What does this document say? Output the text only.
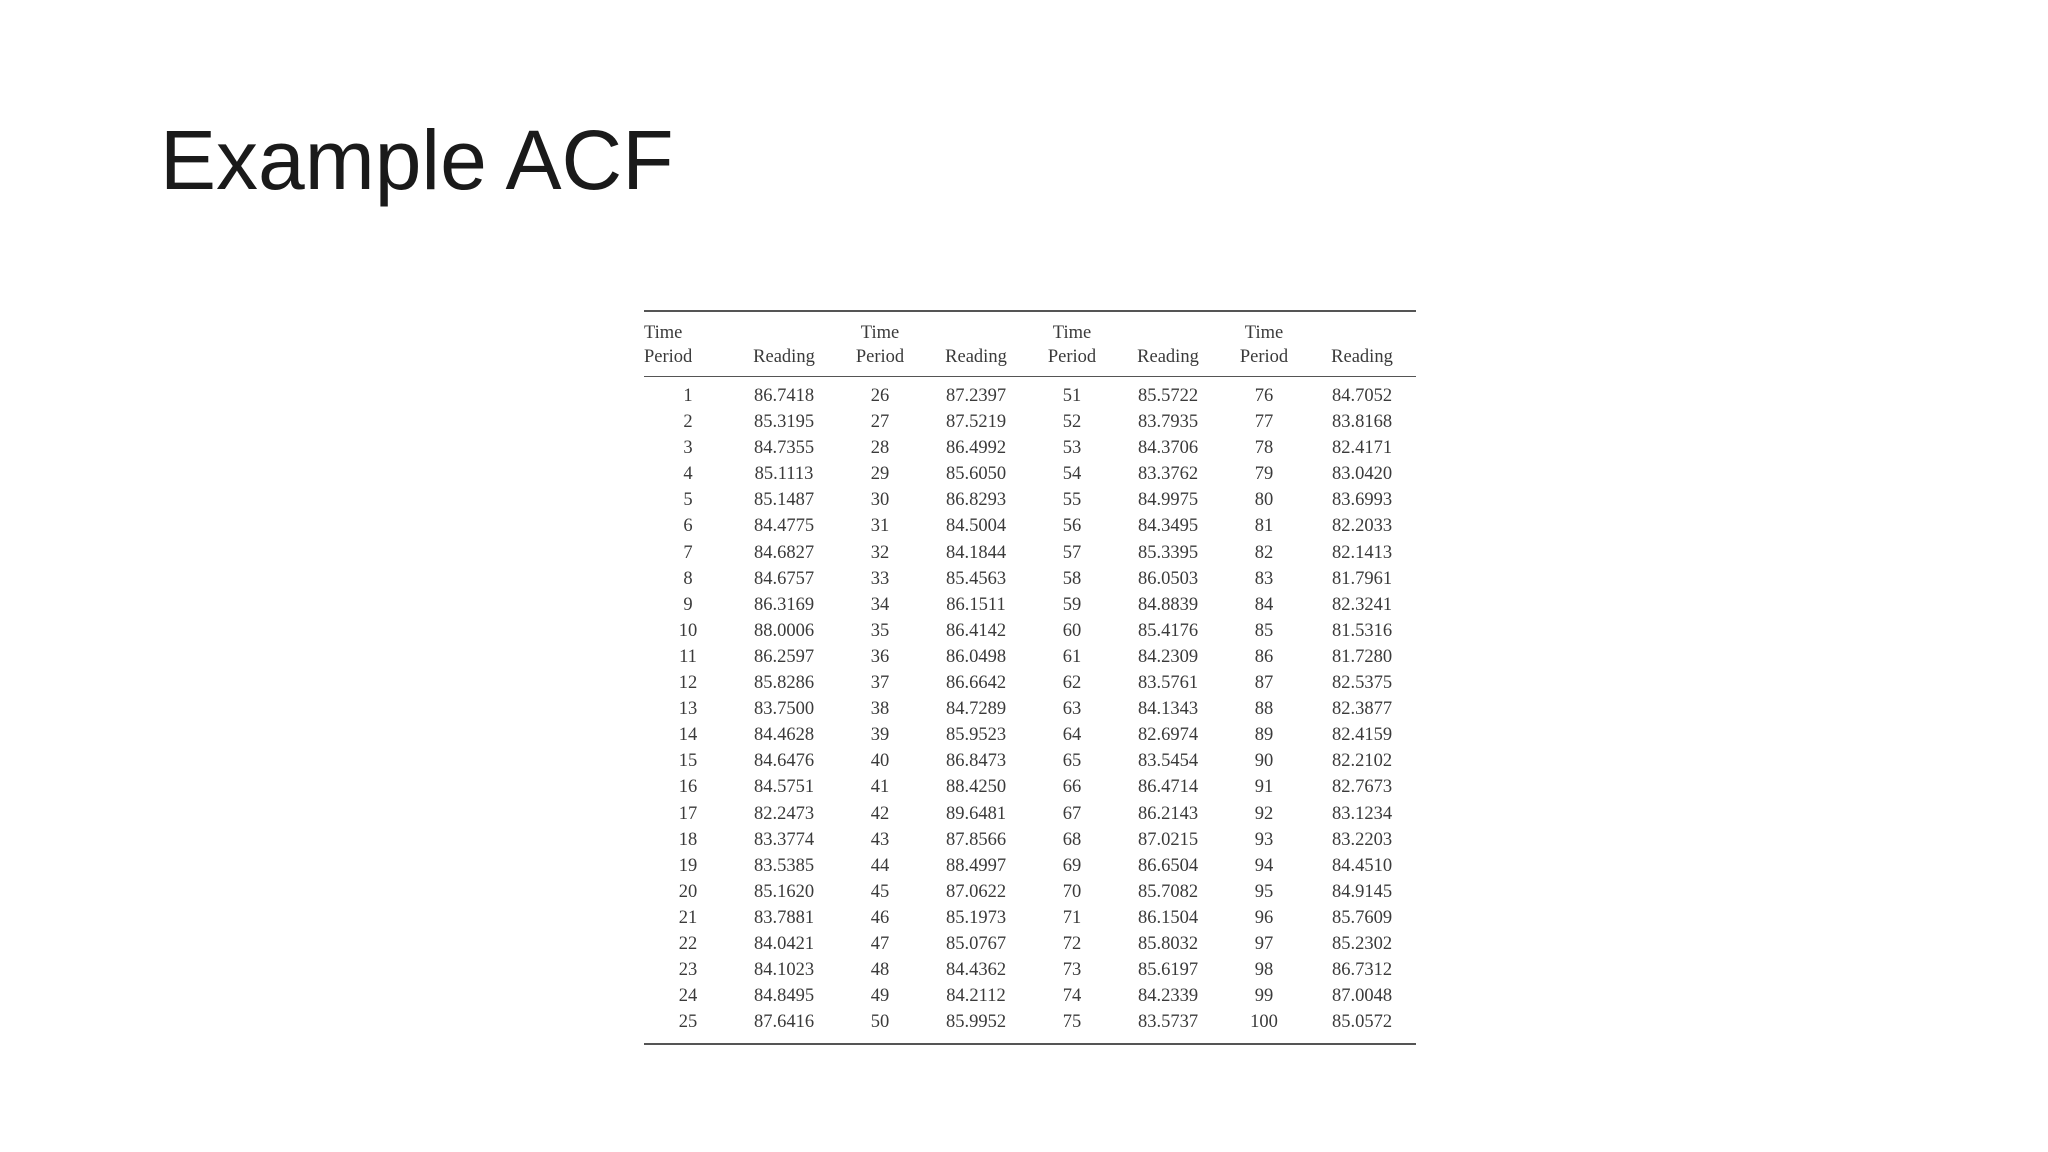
Example ACF
Time		Time		Time		Time	
Period	Reading	Period	Reading	Period	Reading	Period	Reading
1	86.7418	26	87.2397	51	85.5722	76	84.7052
2	85.3195	27	87.5219	52	83.7935	77	83.8168
3	84.7355	28	86.4992	53	84.3706	78	82.4171
4	85.1113	29	85.6050	54	83.3762	79	83.0420
5	85.1487	30	86.8293	55	84.9975	80	83.6993
6	84.4775	31	84.5004	56	84.3495	81	82.2033
7	84.6827	32	84.1844	57	85.3395	82	82.1413
8	84.6757	33	85.4563	58	86.0503	83	81.7961
9	86.3169	34	86.1511	59	84.8839	84	82.3241
10	88.0006	35	86.4142	60	85.4176	85	81.5316
11	86.2597	36	86.0498	61	84.2309	86	81.7280
12	85.8286	37	86.6642	62	83.5761	87	82.5375
13	83.7500	38	84.7289	63	84.1343	88	82.3877
14	84.4628	39	85.9523	64	82.6974	89	82.4159
15	84.6476	40	86.8473	65	83.5454	90	82.2102
16	84.5751	41	88.4250	66	86.4714	91	82.7673
17	82.2473	42	89.6481	67	86.2143	92	83.1234
18	83.3774	43	87.8566	68	87.0215	93	83.2203
19	83.5385	44	88.4997	69	86.6504	94	84.4510
20	85.1620	45	87.0622	70	85.7082	95	84.9145
21	83.7881	46	85.1973	71	86.1504	96	85.7609
22	84.0421	47	85.0767	72	85.8032	97	85.2302
23	84.1023	48	84.4362	73	85.6197	98	86.7312
24	84.8495	49	84.2112	74	84.2339	99	87.0048
25	87.6416	50	85.9952	75	83.5737	100	85.0572
